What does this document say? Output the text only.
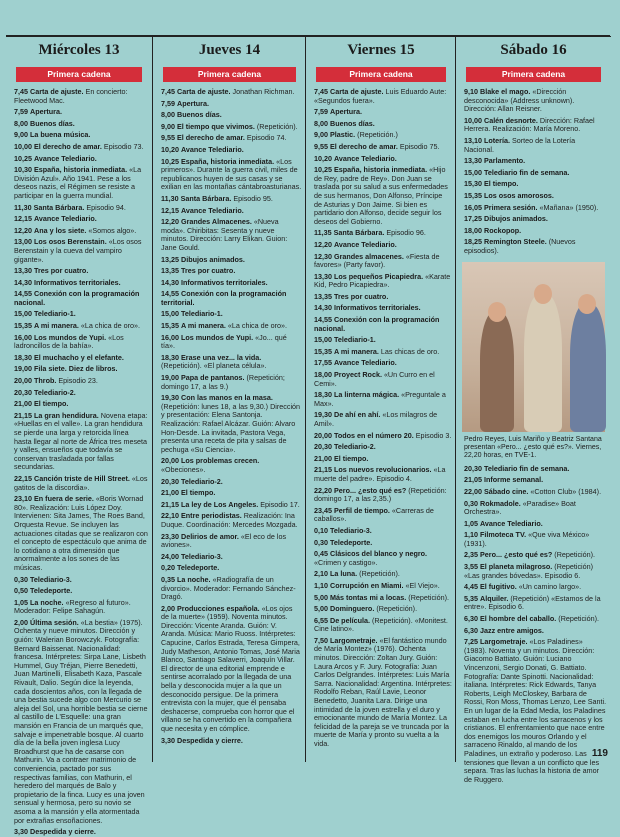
Miércoles 13
Primera cadena
7,45 Carta de ajuste. En concierto: Fleetwood Mac.
7,59 Apertura.
8,00 Buenos días.
9,00 La buena música.
10,00 El derecho de amar. Episodio 73.
10,25 Avance Telediario.
10,30 España, historia inmediata. «La División Azul». Año 1941. Pese a los deseos nazis, el Régimen se resiste a participar en la guerra mundial.
11,30 Santa Bárbara. Episodio 94.
12,15 Avance Telediario.
12,20 Ana y los siete. «Somos algo».
13,00 Los osos Berenstain. «Los osos Berenstain y la cueva del vampiro gigante».
13,30 Tres por cuatro.
14,30 Informativos territoriales.
14,55 Conexión con la programación nacional.
15,00 Telediario-1.
15,35 A mi manera. «La chica de oro».
16,00 Los mundos de Yupi. «Los ladroncillos de la bahía».
18,30 El muchacho y el elefante.
19,00 Fila siete. Diez de libros.
20,00 Throb. Episodio 23.
20,30 Telediario-2.
21,00 El tiempo.
21,15 La gran hendidura. Novena etapa: «Huellas en el valle». La gran hendidura se pierde una larga y retorcida línea hasta llegar al norte de África tres meseta y valles, ensueños que todavía se conservan trasladada por fallas secundarias.
22,15 Canción triste de Hill Street. «Los gatitos de la discordia».
23,10 En fuera de serie. «Boris Wornad 80». Realización: Luis López Doy. Intervienen: Sita James, The Roes Band, Orquesta Revue. Se incluyen las actuaciones citadas que se realizaron con el concepto de espectáculo que anima de lo cotidiano a otra dimensión que anormalmente a los sones de las músicas.
0,30 Telediario-3.
0,50 Teledeporte.
1,05 La noche. «Regreso al futuro». Moderador: Felipe Sahagún.
2,00 Última sesión. «La bestia» (1975). Ochenta y nueve minutos. Dirección y guión: Walerian Borowczyk. Fotografía: Bernard Baissenat. Nacionalidad: francesa. Intérpretes: Sirpa Lane, Lisbeth Hummel, Guy Tréjan, Pierre Benedetti, Juan Martinelli, Elisabeth Kaza, Pascale Rivault, Dalio. Según dice la leyenda, cada doscientos años, con la llegada de una bestia sucede algo con Mercurio se aleja del Sol, una horrible bestia se cierne al castillo de L'Esquelle: una gran mansión en Francia de un marqués que, salvaje e impenetrable bosque. Al cuarto día de la bella joven inglesa Lucy Broadhurst que ha de casarse con Mathurin. Va a contraer matrimonio de conveniencia, pactado por sus respectivas familias, con Mathurin, el heredero del marqués de Balo y propietario de la finca. Lucy es una joven sensual y hermosa, pero su novio se asoma a la mansión y ella atormentada por extrañas ensoñaciones.
3,30 Despedida y cierre.
Jueves 14
Primera cadena
7,45 Carta de ajuste. Jonathan Richman.
7,59 Apertura.
8,00 Buenos días.
9,00 El tiempo que vivimos. (Repetición).
9,55 El derecho de amar. Episodio 74.
10,20 Avance Telediario.
10,25 España, historia inmediata. «Los primeros». Durante la guerra civil, miles de republicanos huyen de sus casas y se exilian en las montañas cántabroasturianas.
11,30 Santa Bárbara. Episodio 95.
12,15 Avance Telediario.
12,20 Grandes Almacenes. «Nueva moda». Chiribitas: Sesenta y nueve minutos. Dirección: Larry Elikan. Guion: Jane Gould.
13,25 Dibujos animados.
13,35 Tres por cuatro.
14,30 Informativos territoriales.
14,55 Conexión con la programación territorial.
15,00 Telediario-1.
15,35 A mi manera. «La chica de oro».
16,00 Los mundos de Yupi. «Jo... qué tía».
18,30 Erase una vez... la vida. (Repetición). «El planeta célula».
19,00 Papa de pantanos. (Repetición; domingo 17, a las 9.)
19,30 Con las manos en la masa. (Repetición: lunes 18, a las 9,30.) Dirección y presentación: Elena Santonja. Realización: Rafael Alcázar. Guión: Alvaro Hon-Desde. La invitada, Pastora Vega, presenta una receta de pita y salsas de pechuga «Su Ciencia».
20,00 Los problemas crecen. «Obeciones».
20,30 Telediario-2.
21,00 El tiempo.
21,15 La ley de Los Angeles. Episodio 17.
22,10 Entre periodistas. Realización: Ina Duque. Coordinación: Mercedes Mozgada.
23,30 Delirios de amor. «El eco de los aviones».
24,00 Telediario-3.
0,20 Teledeporte.
0,35 La noche. «Radiografía de un divorcio». Moderador: Fernando Sánchez-Dragó.
2,00 Producciones española. «Los ojos de la muerte» (1959). Noventa minutos. Dirección: Vicente Aranda. Guión: V. Aranda. Música: Mario Ruoss. Intérpretes: Capucine, Carlos Estrada, Teresa Gimpera, Judy Matheson, Antonio Tomas, José Maria Blanco, Santiago Salaverri, Joaquín Villar. El director de una editorial emprende e sentirse acorralado por la llegada de una bella y desconocida mujer a la que un desconocido persigue. De la primera entrevista con la mujer, que él pensaba deshacerse, comprueba con horror que el villano se ha convertido en la compañera que necesita y en cómplice.
3,30 Despedida y cierre.
Viernes 15
Primera cadena
7,45 Carta de ajuste. Luis Eduardo Aute: «Segundos fuera».
7,59 Apertura.
8,00 Buenos días.
9,00 Plastic. (Repetición.)
9,55 El derecho de amar. Episodio 75.
10,20 Avance Telediario.
10,25 España, historia inmediata. «Hijo de Rey, padre de Rey». Don Juan se traslada por su salud a sus enfermedades de sus hermanos, Don Alfonso, Príncipe de Asturias y Don Jaime. Si bien es partidario don Alfonso, decide seguir los deseos del Gobierno.
11,35 Santa Bárbara. Episodio 96.
12,20 Avance Telediario.
12,30 Grandes almacenes. «Fiesta de favores» (Party favor).
13,30 Los pequeños Picapiedra. «Karate Kid, Pedro Picapiedra».
13,35 Tres por cuatro.
14,30 Informativos territoriales.
14,55 Conexión con la programación nacional.
15,00 Telediario-1.
15,35 A mi manera. Las chicas de oro.
17,55 Avance Telediario.
18,00 Proyect Rock. «Un Curro en el Cemi».
18,30 La linterna mágica. «Preguntale a Max».
19,30 De ahí en ahí. «Los milagros de Amil».
20,00 Todos en el número 20. Episodio 3.
20,30 Telediario-2.
21,00 El tiempo.
21,15 Los nuevos revolucionarios. «La muerte del padre». Episodio 4.
22,20 Pero... ¿esto qué es? (Repetición: domingo 17, a las 2,35.)
23,45 Perfil de tiempo. «Carreras de caballos».
0,10 Telediario-3.
0,30 Teledeporte.
0,45 Clásicos del blanco y negro. «Crimen y castigo».
2,10 La luna. (Repetición).
1,10 Corrupción en Miami. «El Viejo».
5,00 Más tontas mi a locas. (Repetición).
5,00 Dominguero. (Repetición).
6,55 De película. (Repetición). «Monitest. Cine latino».
7,50 Largometraje. «El fantástico mundo de María Montez» (1976). Ochenta minutos. Dirección: Zoltan Jury. Guión: Laura Arcos y F. Jury. Fotografía: Juan Carlos Delgrandes. Intérpretes: Luis María Sarra. Nacionalidad: Argentina. Intérpretes: Rodolfo Reban, Raúl Lavie, Leonor Benedetto, Juanita Lara. Dirige una intimidad de la joven estrella y el duro y emocionante mundo de María Montez. La felicidad de la pareja se ve truncada por la muerte de María y pronto su vuelta a la vida.
Sábado 16
Primera cadena
9,10 Blake el mago. «Dirección desconocida» (Address unknown). Dirección: Allan Reisner.
10,00 Calén desnorte. Dirección: Rafael Herrera. Realización: María Moreno.
13,10 Lotería. Sorteo de la Lotería Nacional.
13,30 Parlamento.
15,00 Telediario fin de semana.
15,30 El tiempo.
15,35 Los osos amorosos.
16,05 Primera sesión. «Mañana» (1950).
17,25 Dibujos animados.
18,00 Rockopop.
18,25 Remington Steele. (Nuevos episodios).
Pedro Reyes, Luis Mariño y Beatriz Santana presentan «Pero... ¿esto qué es?». Viernes, 22,20 horas, en TVE-1.
20,30 Telediario fin de semana.
21,05 Informe semanal.
22,00 Sábado cine. «Cotton Club» (1984).
0,30 Rokmadole. «Paradise» Boat Orchestra».
1,05 Avance Telediario.
1,10 Filmoteca TV. «Que viva México» (1931).
2,35 Pero... ¿esto qué es? (Repetición).
3,55 El planeta milagroso. (Repetición) «Las grandes bóvedas». Episodio 6.
4,45 El fugitivo. «Un camino largo».
5,35 Alquiler. (Repetición) «Estamos de la entre». Episodio 6.
6,30 El hombre del caballo. (Repetición).
6,30 Jazz entre amigos.
7,25 Largometraje. «Los Paladines» (1983). Noventa y un minutos. Dirección: Giacomo Battiato. Guión: Luciano Vincenzoni, Sergio Donati, G. Battiato. Fotografía: Dante Spinotti. Nacionalidad: italiana. Intérpretes: Rick Edwards, Tanya Roberts, Leigh McCloskey, Barbara de Rossi, Ron Moss, Thomas Lenzo, Lee Santi. En un lugar de la Edad Media, los Paladines estaban en lucha entre los sarracenos y los cristianos. El enfrentamiento que nace entre dos enemigos los mouros Orlando y el sarraceno Rinaldo, al mando de los Paladines, un extraño y poderoso. Las tensiones que llevan a un conflicto que les separa. Tras las luchas la historia de amor de Ruggero.
119
